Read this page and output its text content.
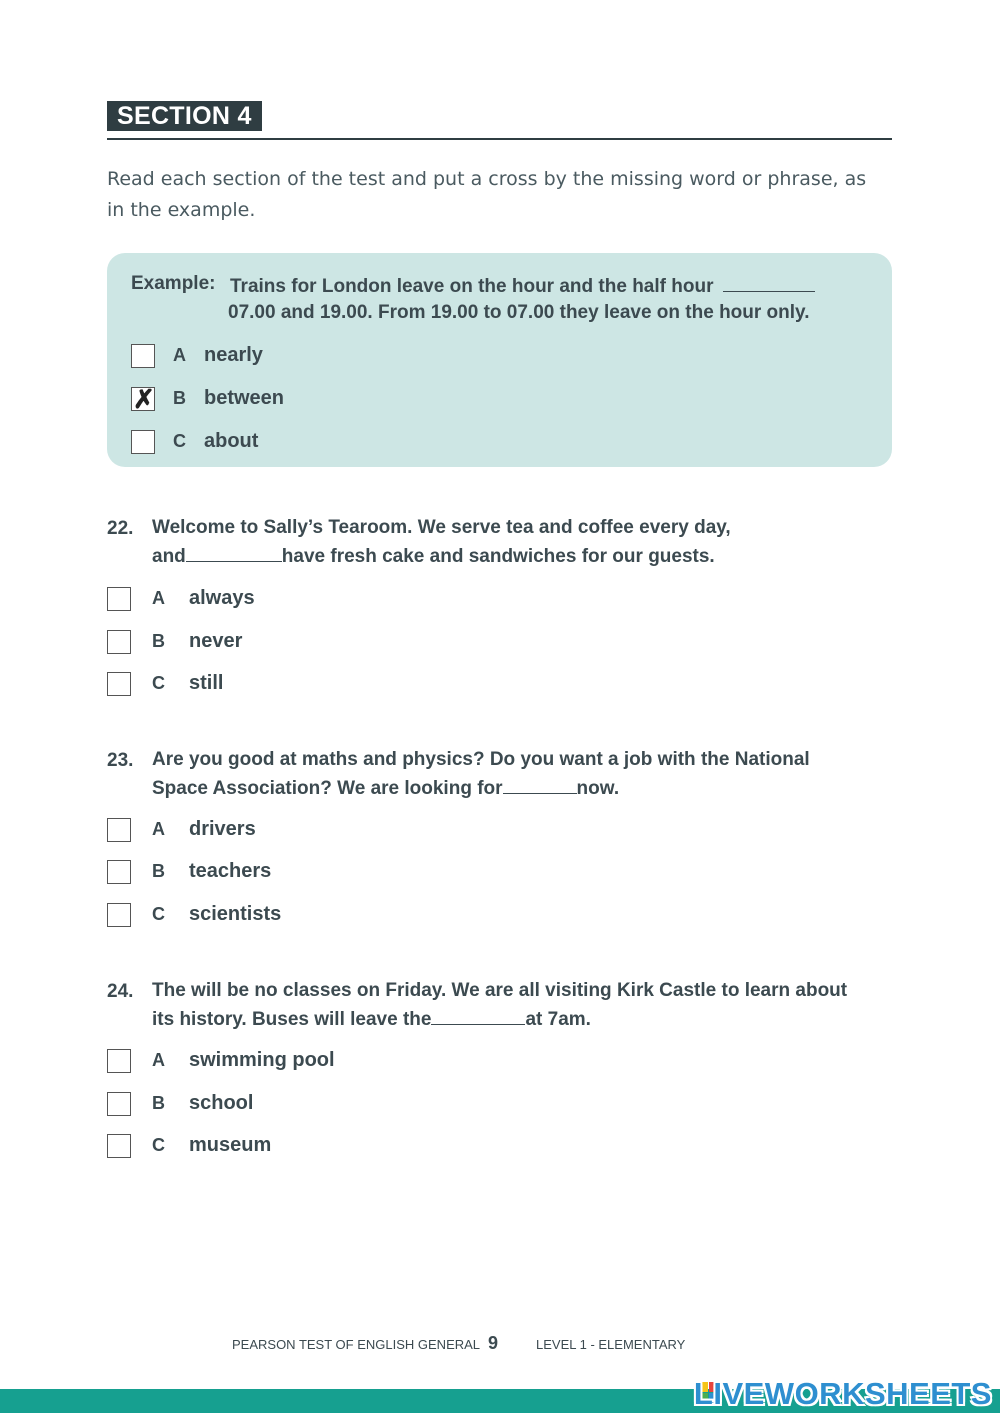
SECTION 4
Read each section of the test and put a cross by the missing word or phrase, as in the example.
Example: Trains for London leave on the hour and the half hour
07.00 and 19.00. From 19.00 to 07.00 they leave on the hour only.
A nearly
✗
B between
C about
22. Welcome to Sally’s Tearoom. We serve tea and coffee every day,
and	have fresh cake and sandwiches for our guests.
A always
B never
C still
23. Are you good at maths and physics? Do you want a job with the National
Space Association? We are looking for	now.
A drivers
B teachers
C scientists
24. The will be no classes on Friday. We are all visiting Kirk Castle to learn about
its history. Buses will leave the	at 7am.
A swimming pool
B school
C museum
PEARSON TEST OF ENGLISH GENERAL 9	LEVEL 1 - ELEMENTARY
LIVEWORKSHEETS
